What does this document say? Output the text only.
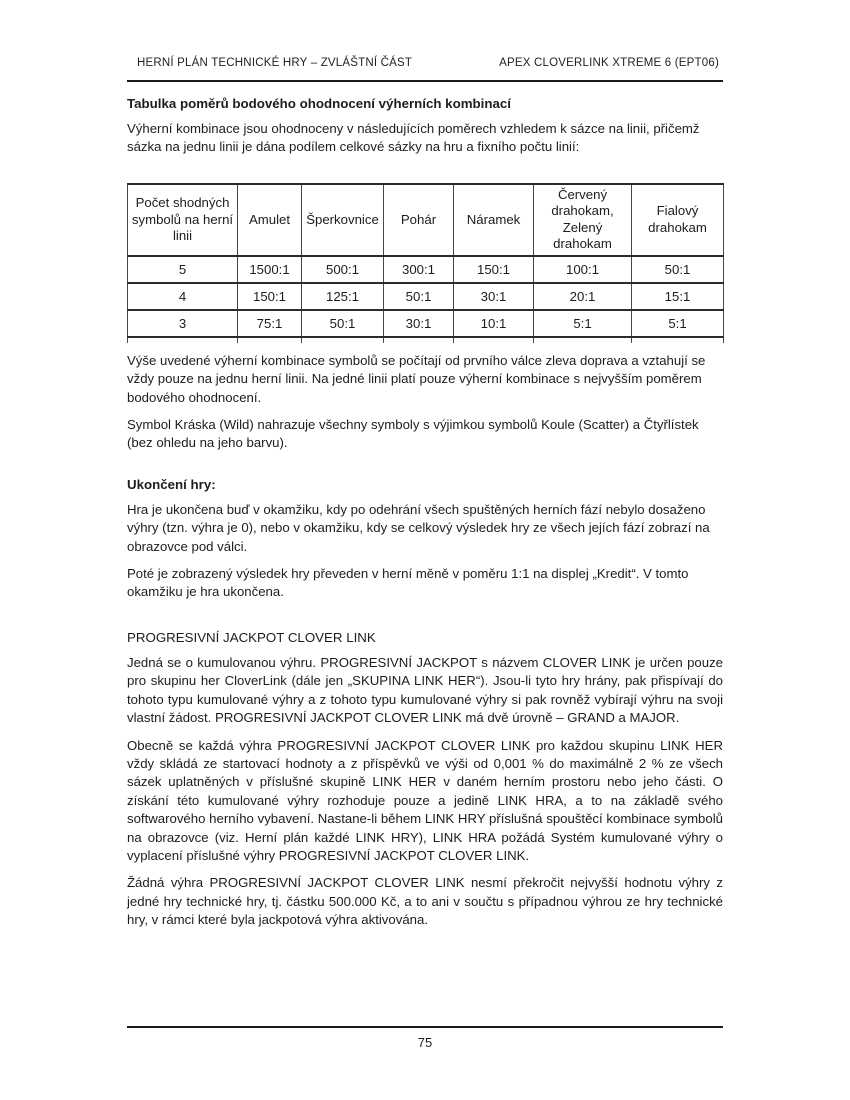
HERNÍ PLÁN TECHNICKÉ HRY – ZVLÁŠTNÍ ČÁST	APEX CLOVERLINK XTREME 6 (EPT06)
Tabulka poměrů bodového ohodnocení výherních kombinací

Výherní kombinace jsou ohodnoceny v následujících poměrech vzhledem k sázce na linii, přičemž sázka na jednu linii je dána podílem celkové sázky na hru a fixního počtu linií:

Počet shodných symbolů na herní linii	Amulet	Šperkovnice	Pohár	Náramek	Červený drahokam, Zelený drahokam	Fialový drahokam
5	1500:1	500:1	300:1	150:1	100:1	50:1
4	150:1	125:1	50:1	30:1	20:1	15:1
3	75:1	50:1	30:1	10:1	5:1	5:1

Výše uvedené výherní kombinace symbolů se počítají od prvního válce zleva doprava a vztahují se vždy pouze na jednu herní linii. Na jedné linii platí pouze výherní kombinace s nejvyšším poměrem bodového ohodnocení.

Symbol Kráska (Wild) nahrazuje všechny symboly s výjimkou symbolů Koule (Scatter) a Čtyřlístek (bez ohledu na jeho barvu).

Ukončení hry:

Hra je ukončena buď v okamžiku, kdy po odehrání všech spuštěných herních fází nebylo dosaženo výhry (tzn. výhra je 0), nebo v okamžiku, kdy se celkový výsledek hry ze všech jejích fází zobrazí na obrazovce pod válci.

Poté je zobrazený výsledek hry převeden v herní měně v poměru 1:1 na displej „Kredit“. V tomto okamžiku je hra ukončena.

PROGRESIVNÍ JACKPOT CLOVER LINK

Jedná se o kumulovanou výhru. PROGRESIVNÍ JACKPOT s názvem CLOVER LINK je určen pouze pro skupinu her CloverLink (dále jen „SKUPINA LINK HER“). Jsou-li tyto hry hrány, pak přispívají do tohoto typu kumulované výhry a z tohoto typu kumulované výhry si pak rovněž vybírají výhru na svoji vlastní žádost. PROGRESIVNÍ JACKPOT CLOVER LINK má dvě úrovně – GRAND a MAJOR.

Obecně se každá výhra PROGRESIVNÍ JACKPOT CLOVER LINK pro každou skupinu LINK HER vždy skládá ze startovací hodnoty a z příspěvků ve výši od 0,001 % do maximálně 2 % ze všech sázek uplatněných v příslušné skupině LINK HER v daném herním prostoru nebo jeho části. O získání této kumulované výhry rozhoduje pouze a jedině LINK HRA, a to na základě svého softwarového herního vybavení. Nastane-li během LINK HRY příslušná spouštěcí kombinace symbolů na obrazovce (viz. Herní plán každé LINK HRY), LINK HRA požádá Systém kumulované výhry o vyplacení příslušné výhry PROGRESIVNÍ JACKPOT CLOVER LINK.

Žádná výhra PROGRESIVNÍ JACKPOT CLOVER LINK nesmí překročit nejvyšší hodnotu výhry z jedné hry technické hry, tj. částku 500.000 Kč, a to ani v součtu s případnou výhrou ze hry technické hry, v rámci které byla jackpotová výhra aktivována.

75
